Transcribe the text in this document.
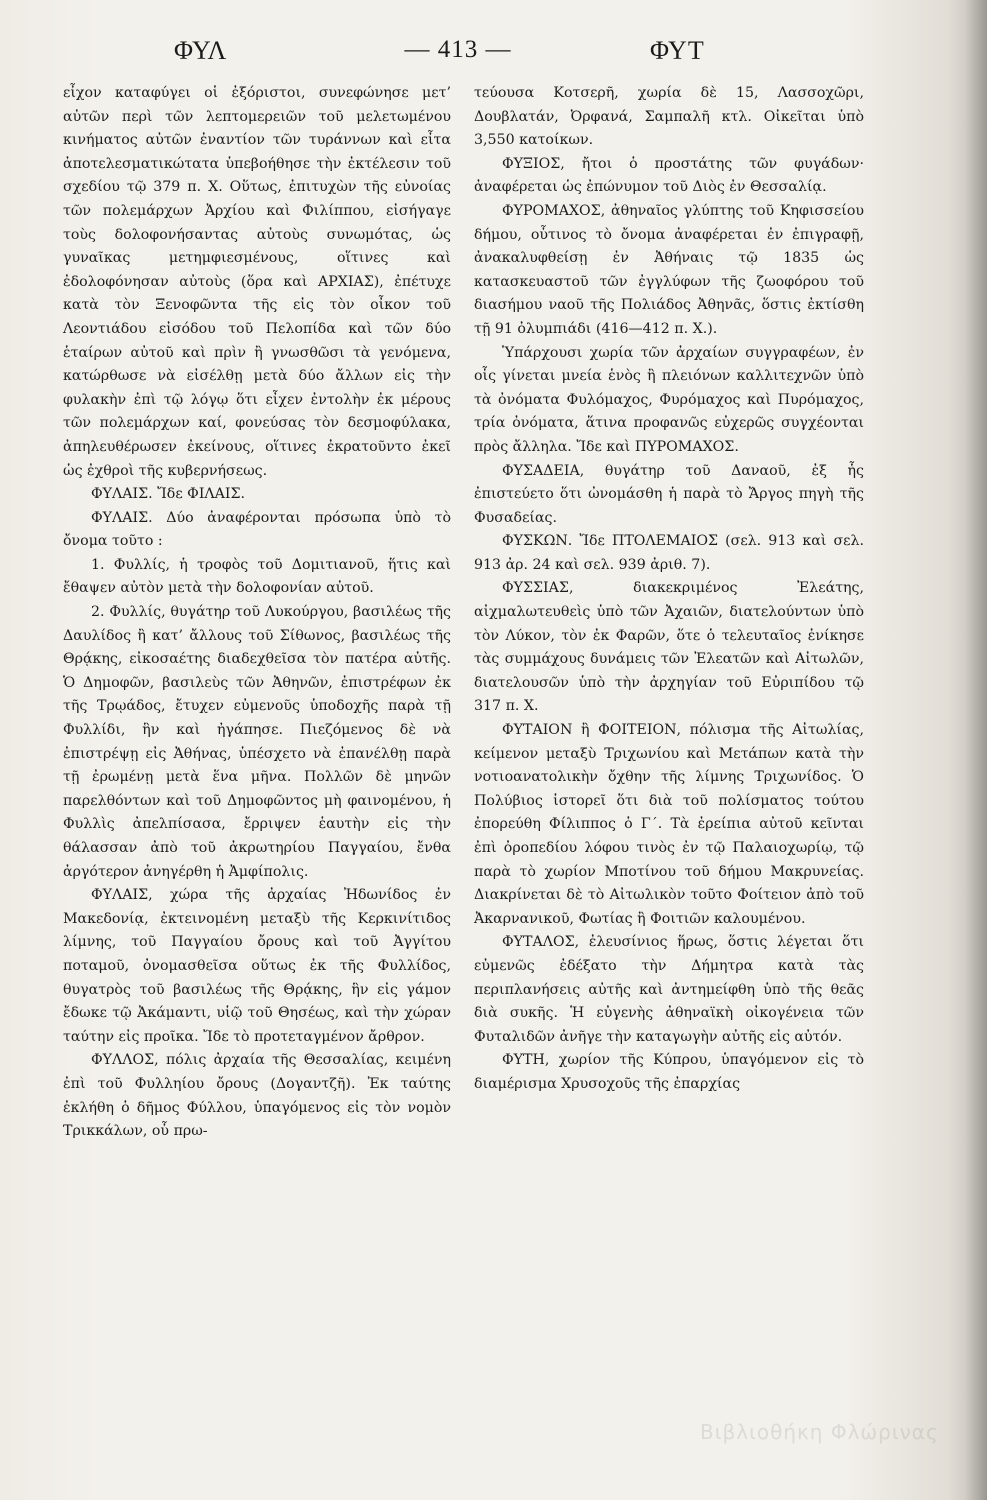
ΦΥΛ	— 413 —	ΦΥΤ

εἶχον καταφύγει οἱ ἐξόριστοι, συνεφώνησε μετ’ αὐτῶν περὶ τῶν λεπτομερειῶν τοῦ μελετωμένου κινήματος αὐτῶν ἐναντίον τῶν τυράννων καὶ εἶτα ἀποτελεσματικώτατα ὑπεβοήθησε τὴν ἐκτέλεσιν τοῦ σχεδίου τῷ 379 π. Χ. Οὕτως, ἐπιτυχὼν τῆς εὐνοίας τῶν πολεμάρχων Ἀρχίου καὶ Φιλίππου, εἰσήγαγε τοὺς δολοφονήσαντας αὐτοὺς συνωμότας, ὡς γυναῖκας μετημφιεσμένους, οἵτινες καὶ ἐδολοφόνησαν αὐτοὺς (ὅρα καὶ ΑΡΧΙΑΣ), ἐπέτυχε κατὰ τὸν Ξενοφῶντα τῆς εἰς τὸν οἶκον τοῦ Λεοντιάδου εἰσόδου τοῦ Πελοπίδα καὶ τῶν δύο ἑταίρων αὐτοῦ καὶ πρὶν ἢ γνωσθῶσι τὰ γενόμενα, κατώρθωσε νὰ εἰσέλθῃ μετὰ δύο ἄλλων εἰς τὴν φυλακὴν ἐπὶ τῷ λόγῳ ὅτι εἶχεν ἐντολὴν ἐκ μέρους τῶν πολεμάρχων καί, φονεύσας τὸν δεσμοφύλακα, ἀπηλευθέρωσεν ἐκείνους, οἵτινες ἐκρατοῦντο ἐκεῖ ὡς ἐχθροὶ τῆς κυβερνήσεως.

ΦΥΛΑΙΣ. Ἴδε ΦΙΛΑΙΣ.

ΦΥΛΑΙΣ. Δύο ἀναφέρονται πρόσωπα ὑπὸ τὸ ὄνομα τοῦτο :

1. Φυλλίς, ἡ τροφὸς τοῦ Δομιτιανοῦ, ἥτις καὶ ἔθαψεν αὐτὸν μετὰ τὴν δολοφονίαν αὐτοῦ.

2. Φυλλίς, θυγάτηρ τοῦ Λυκούργου, βασιλέως τῆς Δαυλίδος ἢ κατ’ ἄλλους τοῦ Σίθωνος, βασιλέως τῆς Θρᾴκης, εἰκοσαέτης διαδεχθεῖσα τὸν πατέρα αὐτῆς. Ὁ Δημοφῶν, βασιλεὺς τῶν Ἀθηνῶν, ἐπιστρέφων ἐκ τῆς Τρῳάδος, ἔτυχεν εὐμενοῦς ὑποδοχῆς παρὰ τῇ Φυλλίδι, ἣν καὶ ἠγάπησε. Πιεζόμενος δὲ νὰ ἐπιστρέψῃ εἰς Ἀθήνας, ὑπέσχετο νὰ ἐπανέλθῃ παρὰ τῇ ἐρωμένῃ μετὰ ἕνα μῆνα. Πολλῶν δὲ μηνῶν παρελθόντων καὶ τοῦ Δημοφῶντος μὴ φαινομένου, ἡ Φυλλὶς ἀπελπίσασα, ἔρριψεν ἑαυτὴν εἰς τὴν θάλασσαν ἀπὸ τοῦ ἀκρωτηρίου Παγγαίου, ἔνθα ἀργότερον ἀνηγέρθη ἡ Ἀμφίπολις.

ΦΥΛΑΙΣ, χώρα τῆς ἀρχαίας Ἠδωνίδος ἐν Μακεδονίᾳ, ἐκτεινομένη μεταξὺ τῆς Κερκινίτιδος λίμνης, τοῦ Παγγαίου ὄρους καὶ τοῦ Ἀγγίτου ποταμοῦ, ὀνομασθεῖσα οὕτως ἐκ τῆς Φυλλίδος, θυγατρὸς τοῦ βασιλέως τῆς Θρᾴκης, ἣν εἰς γάμον ἔδωκε τῷ Ἀκάμαντι, υἱῷ τοῦ Θησέως, καὶ τὴν χώραν ταύτην εἰς προῖκα. Ἴδε τὸ προτεταγμένον ἄρθρον.

ΦΥΛΛΟΣ, πόλις ἀρχαία τῆς Θεσσαλίας, κειμένη ἐπὶ τοῦ Φυλληίου ὄρους (Δογαντζῆ). Ἐκ ταύτης ἐκλήθη ὁ δῆμος Φύλλου, ὑπαγόμενος εἰς τὸν νομὸν Τρικκάλων, οὗ πρω-

τεύουσα Κοτσερῆ, χωρία δὲ 15, Λασσοχῶρι, Δουβλατάν, Ὀρφανά, Σαμπαλῆ κτλ. Οἰκεῖται ὑπὸ 3,550 κατοίκων.

ΦΥΞΙΟΣ, ἤτοι ὁ προστάτης τῶν φυγάδων· ἀναφέρεται ὡς ἐπώνυμον τοῦ Διὸς ἐν Θεσσαλίᾳ.

ΦΥΡΟΜΑΧΟΣ, ἀθηναῖος γλύπτης τοῦ Κηφισσείου δήμου, οὗτινος τὸ ὄνομα ἀναφέρεται ἐν ἐπιγραφῇ, ἀνακαλυφθείσῃ ἐν Ἀθήναις τῷ 1835 ὡς κατασκευαστοῦ τῶν ἐγγλύφων τῆς ζωοφόρου τοῦ διασήμου ναοῦ τῆς Πολιάδος Ἀθηνᾶς, ὅστις ἐκτίσθη τῇ 91 ὀλυμπιάδι (416—412 π. Χ.).

Ὑπάρχουσι χωρία τῶν ἀρχαίων συγγραφέων, ἐν οἷς γίνεται μνεία ἑνὸς ἢ πλειόνων καλλιτεχνῶν ὑπὸ τὰ ὀνόματα Φυλόμαχος, Φυρόμαχος καὶ Πυρόμαχος, τρία ὀνόματα, ἅτινα προφανῶς εὐχερῶς συγχέονται πρὸς ἄλληλα. Ἴδε καὶ ΠΥΡΟΜΑΧΟΣ.

ΦΥΣΑΔΕΙΑ, θυγάτηρ τοῦ Δαναοῦ, ἐξ ἧς ἐπιστεύετο ὅτι ὠνομάσθη ἡ παρὰ τὸ Ἄργος πηγὴ τῆς Φυσαδείας.

ΦΥΣΚΩΝ. Ἴδε ΠΤΟΛΕΜΑΙΟΣ (σελ. 913 καὶ σελ. 913 ἀρ. 24 καὶ σελ. 939 ἀριθ. 7).

ΦΥΣΣΙΑΣ, διακεκριμένος Ἐλεάτης, αἰχμαλωτευθεὶς ὑπὸ τῶν Ἀχαιῶν, διατελούντων ὑπὸ τὸν Λύκον, τὸν ἐκ Φαρῶν, ὅτε ὁ τελευταῖος ἐνίκησε τὰς συμμάχους δυνάμεις τῶν Ἐλεατῶν καὶ Αἰτωλῶν, διατελουσῶν ὑπὸ τὴν ἀρχηγίαν τοῦ Εὐριπίδου τῷ 317 π. Χ.

ΦΥΤΑΙΟΝ ἢ ΦΟΙΤΕΙΟΝ, πόλισμα τῆς Αἰτωλίας, κείμενον μεταξὺ Τριχωνίου καὶ Μετάπων κατὰ τὴν νοτιοανατολικὴν ὄχθην τῆς λίμνης Τριχωνίδος. Ὁ Πολύβιος ἱστορεῖ ὅτι διὰ τοῦ πολίσματος τούτου ἐπορεύθη Φίλιππος ὁ Γ΄. Τὰ ἐρείπια αὐτοῦ κεῖνται ἐπὶ ὀροπεδίου λόφου τινὸς ἐν τῷ Παλαιοχωρίῳ, τῷ παρὰ τὸ χωρίον Μποτίνου τοῦ δήμου Μακρυνείας. Διακρίνεται δὲ τὸ Αἰτωλικὸν τοῦτο Φοίτειον ἀπὸ τοῦ Ἀκαρνανικοῦ, Φωτίας ἢ Φοιτιῶν καλουμένου.

ΦΥΤΑΛΟΣ, ἐλευσίνιος ἥρως, ὅστις λέγεται ὅτι εὐμενῶς ἐδέξατο τὴν Δήμητρα κατὰ τὰς περιπλανήσεις αὐτῆς καὶ ἀντημείφθη ὑπὸ τῆς θεᾶς διὰ συκῆς. Ἡ εὐγενὴς ἀθηναϊκὴ οἰκογένεια τῶν Φυταλιδῶν ἀνῆγε τὴν καταγωγὴν αὐτῆς εἰς αὐτόν.

ΦΥΤΗ, χωρίον τῆς Κύπρου, ὑπαγόμενον εἰς τὸ διαμέρισμα Χρυσοχοῦς τῆς ἐπαρχίας

Βιβλιοθήκη Φλώρινας
